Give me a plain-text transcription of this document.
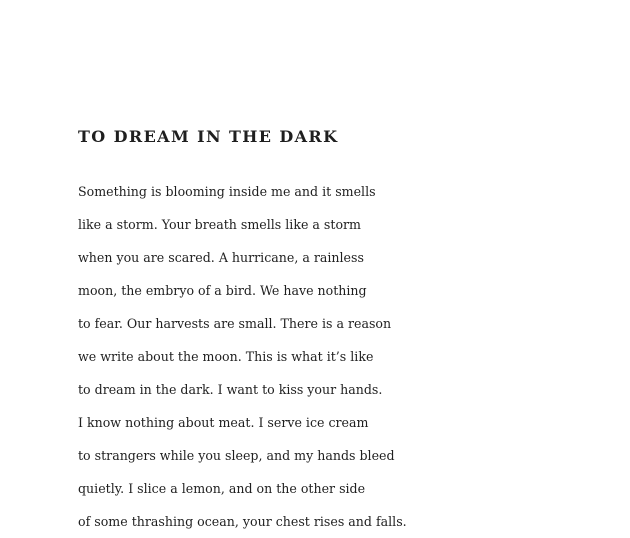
TO DREAM IN THE DARK
Something is blooming inside me and it smells
like a storm. Your breath smells like a storm
when you are scared. A hurricane, a rainless
moon, the embryo of a bird. We have nothing
to fear. Our harvests are small. There is a reason
we write about the moon. This is what it’s like
to dream in the dark. I want to kiss your hands.
I know nothing about meat. I serve ice cream
to strangers while you sleep, and my hands bleed
quietly. I slice a lemon, and on the other side
of some thrashing ocean, your chest rises and falls.
